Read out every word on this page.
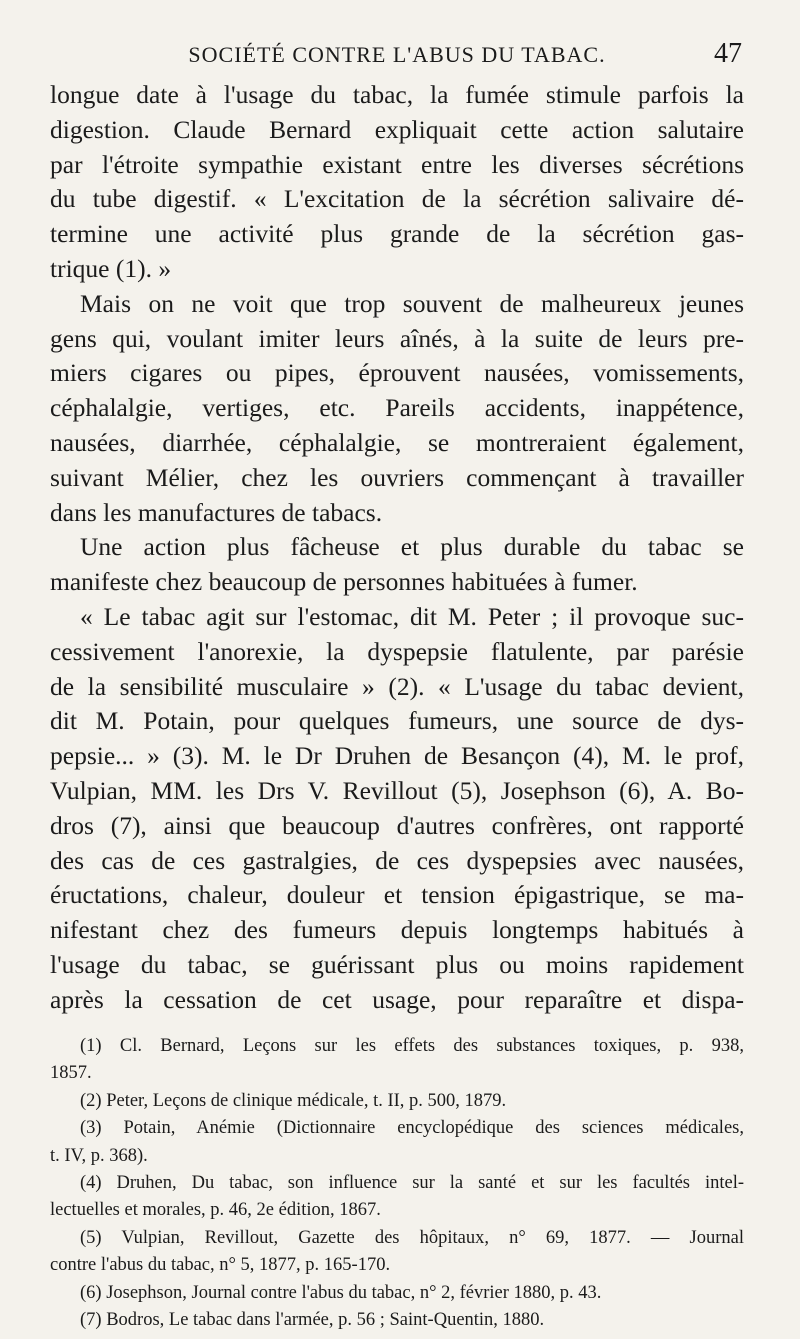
SOCIÉTÉ CONTRE L'ABUS DU TABAC.	47
longue date à l'usage du tabac, la fumée stimule parfois la
digestion. Claude Bernard expliquait cette action salutaire
par l'étroite sympathie existant entre les diverses sécrétions
du tube digestif. « L'excitation de la sécrétion salivaire dé-
termine une activité plus grande de la sécrétion gas-
trique (1). »
Mais on ne voit que trop souvent de malheureux jeunes
gens qui, voulant imiter leurs aînés, à la suite de leurs pre-
miers cigares ou pipes, éprouvent nausées, vomissements,
céphalalgie, vertiges, etc. Pareils accidents, inappétence,
nausées, diarrhée, céphalalgie, se montreraient également,
suivant Mélier, chez les ouvriers commençant à travailler
dans les manufactures de tabacs.
Une action plus fâcheuse et plus durable du tabac se
manifeste chez beaucoup de personnes habituées à fumer.
« Le tabac agit sur l'estomac, dit M. Peter ; il provoque suc-
cessivement l'anorexie, la dyspepsie flatulente, par parésie
de la sensibilité musculaire » (2). « L'usage du tabac devient,
dit M. Potain, pour quelques fumeurs, une source de dys-
pepsie... » (3). M. le Dr Druhen de Besançon (4), M. le prof,
Vulpian, MM. les Drs V. Revillout (5), Josephson (6), A. Bo-
dros (7), ainsi que beaucoup d'autres confrères, ont rapporté
des cas de ces gastralgies, de ces dyspepsies avec nausées,
éructations, chaleur, douleur et tension épigastrique, se ma-
nifestant chez des fumeurs depuis longtemps habitués à
l'usage du tabac, se guérissant plus ou moins rapidement
après la cessation de cet usage, pour reparaître et dispa-
(1) Cl. Bernard, Leçons sur les effets des substances toxiques, p. 938,
1857.
(2) Peter, Leçons de clinique médicale, t. II, p. 500, 1879.
(3) Potain, Anémie (Dictionnaire encyclopédique des sciences médicales,
t. IV, p. 368).
(4) Druhen, Du tabac, son influence sur la santé et sur les facultés intel-
lectuelles et morales, p. 46, 2e édition, 1867.
(5) Vulpian, Revillout, Gazette des hôpitaux, n° 69, 1877. — Journal
contre l'abus du tabac, n° 5, 1877, p. 165-170.
(6) Josephson, Journal contre l'abus du tabac, n° 2, février 1880, p. 43.
(7) Bodros, Le tabac dans l'armée, p. 56 ; Saint-Quentin, 1880.
